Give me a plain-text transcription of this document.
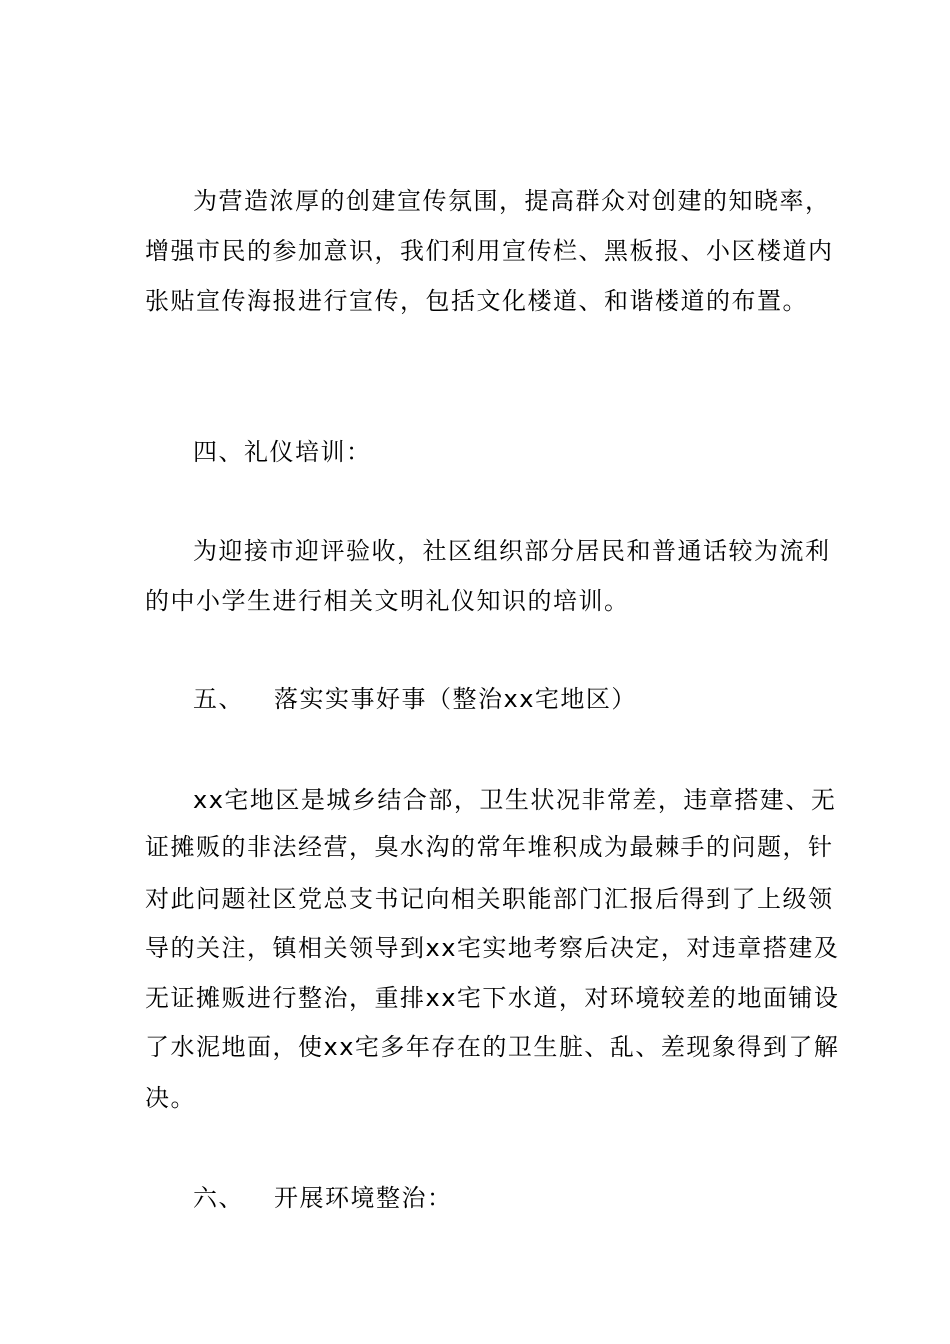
为营造浓厚的创建宣传氛围，提高群众对创建的知晓率，
增强市民的参加意识，我们利用宣传栏、黑板报、小区楼道内
张贴宣传海报进行宣传，包括文化楼道、和谐楼道的布置。
四、礼仪培训：
为迎接市迎评验收，社区组织部分居民和普通话较为流利
的中小学生进行相关文明礼仪知识的培训。
五、 落实实事好事（整治xx宅地区）
xx宅地区是城乡结合部，卫生状况非常差，违章搭建、无
证摊贩的非法经营，臭水沟的常年堆积成为最棘手的问题，针
对此问题社区党总支书记向相关职能部门汇报后得到了上级领
导的关注，镇相关领导到xx宅实地考察后决定，对违章搭建及
无证摊贩进行整治，重排xx宅下水道，对环境较差的地面铺设
了水泥地面，使xx宅多年存在的卫生脏、乱、差现象得到了解
决。
六、 开展环境整治：
